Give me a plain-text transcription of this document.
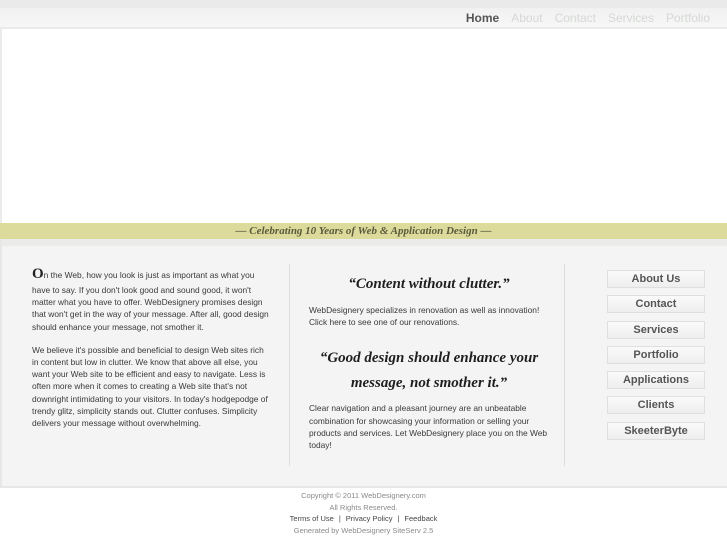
Home About Contact Services Portfolio
— Celebrating 10 Years of Web & Application Design —

On the Web, how you look is just as important as what you
have to say. If you don't look good and sound good, it won't matter what you have to offer. WebDesignery promises design that won't get in the way of your message. After all, good design should enhance your message, not smother it.

We believe it's possible and beneficial to design Web sites rich in content but low in clutter. We know that above all else, you want your Web site to be efficient and easy to navigate. Less is often more when it comes to creating a Web site that's not downright intimidating to your visitors. In today's hodgepodge of trendy glitz, simplicity stands out. Clutter confuses. Simplicity delivers your message without overwhelming.

“Content without clutter.”
WebDesignery specializes in renovation as well as innovation! Click here to see one of our renovations.
“Good design should enhance your message, not smother it.”
Clear navigation and a pleasant journey are an unbeatable combination for showcasing your information or selling your products and services. Let WebDesignery place you on the Web today!
About Us
Contact
Services
Portfolio
Applications
Clients
SkeeterByte
Copyright © 2011 WebDesignery.com
All Rights Reserved.
Terms of Use | Privacy Policy | Feedback
Generated by WebDesignery SiteServ 2.5
